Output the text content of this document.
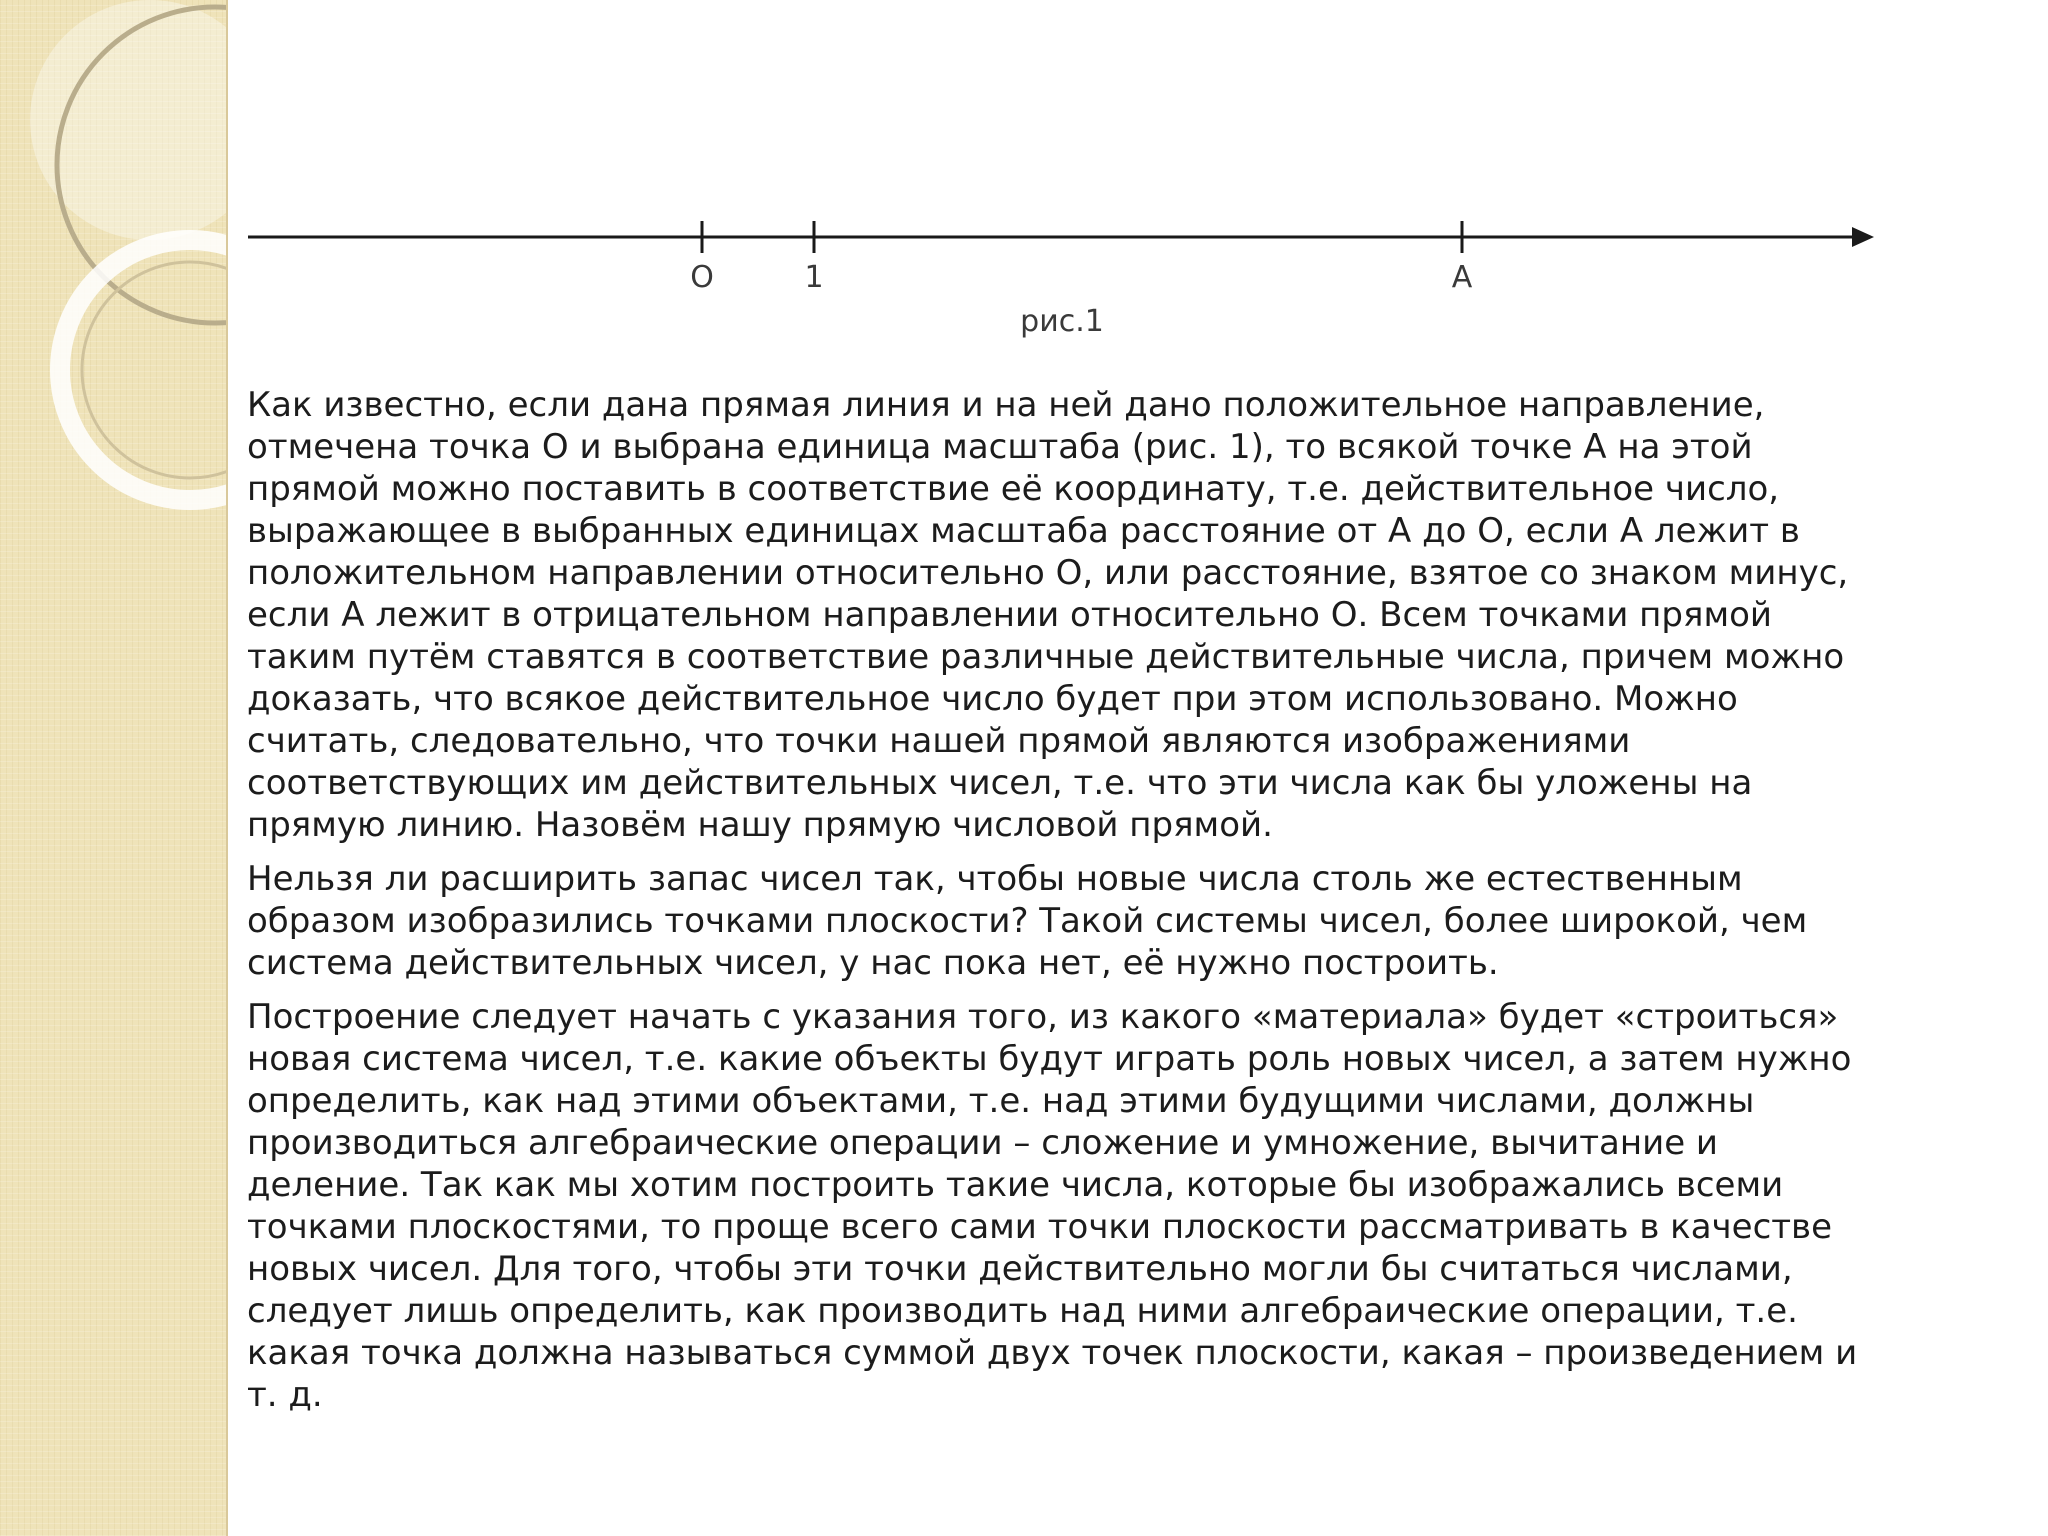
O	1	A
рис.1

Как известно, если дана прямая линия и на ней дано положительное направление, отмечена точка О и выбрана единица масштаба (рис. 1), то всякой точке А на этой прямой можно поставить в соответствие её координату, т.е. действительное число, выражающее в выбранных единицах масштаба расстояние от А до О, если А лежит в положительном направлении относительно О, или расстояние, взятое со знаком минус, если А лежит в отрицательном направлении относительно О. Всем точками прямой таким путём ставятся в соответствие различные действительные числа, причем можно доказать, что всякое действительное число будет при этом использовано. Можно считать, следовательно, что точки нашей прямой являются изображениями соответствующих им действительных чисел, т.е. что эти числа как бы уложены на прямую линию. Назовём нашу прямую числовой прямой.

Нельзя ли расширить запас чисел так, чтобы новые числа столь же естественным образом изобразились точками плоскости? Такой системы чисел, более широкой, чем система действительных чисел, у нас пока нет, её нужно построить.

Построение следует начать с указания того, из какого «материала» будет «строиться» новая система чисел, т.е. какие объекты будут играть роль новых чисел, а затем нужно определить, как над этими объектами, т.е. над этими будущими числами, должны производиться алгебраические операции – сложение и умножение, вычитание и деление. Так как мы хотим построить такие числа, которые бы изображались всеми точками плоскостями, то проще всего сами точки плоскости рассматривать в качестве новых чисел. Для того, чтобы эти точки действительно могли бы считаться числами, следует лишь определить, как производить над ними алгебраические операции, т.е. какая точка должна называться суммой двух точек плоскости, какая – произведением и т. д.
